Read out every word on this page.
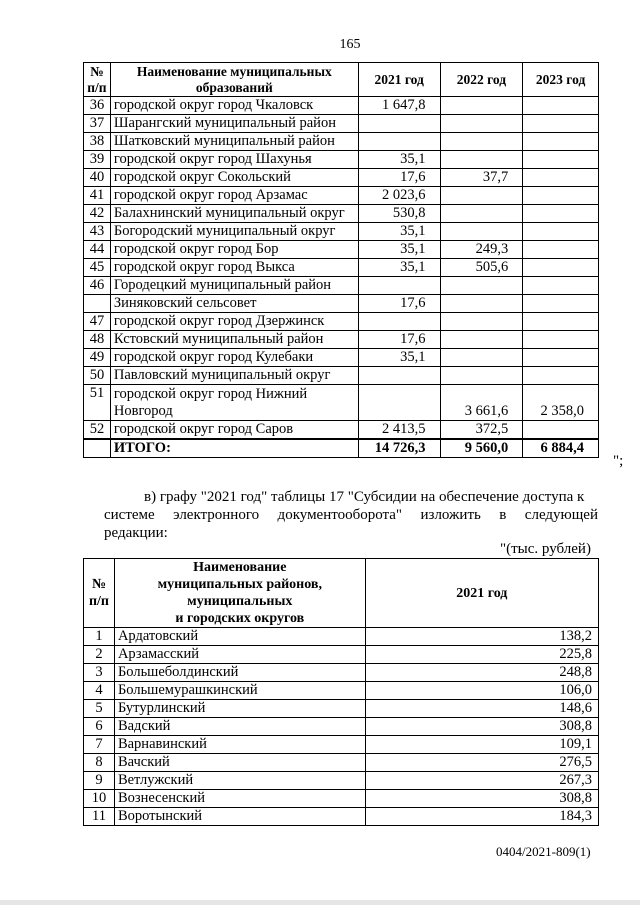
165
№ п/п	Наименование муниципальных образований	2021 год	2022 год	2023 год
36	городской округ город Чкаловск	1 647,8		
37	Шарангский муниципальный район			
38	Шатковский муниципальный район			
39	городской округ город Шахунья	35,1		
40	городской округ Сокольский	17,6	37,7	
41	городской округ город Арзамас	2 023,6		
42	Балахнинский муниципальный округ	530,8		
43	Богородский муниципальный округ	35,1		
44	городской округ город Бор	35,1	249,3	
45	городской округ город Выкса	35,1	505,6	
46	Городецкий муниципальный район			
	Зиняковский сельсовет	17,6		
47	городской округ город Дзержинск			
48	Кстовский муниципальный район	17,6		
49	городской округ город Кулебаки	35,1		
50	Павловский муниципальный округ			
51	городской округ город Нижний
Новгород		3 661,6	2 358,0
52	городской округ город Саров	2 413,5	372,5	
	ИТОГО:	14 726,3	9 560,0	6 884,4
";
в) графу "2021 год" таблицы 17 "Субсидии на обеспечение доступа к
системе электронного документооборота" изложить в следующей
редакции:
"(тыс. рублей)
№ п/п	Наименование
муниципальных районов,
муниципальных
и городских округов	2021 год
1	Ардатовский	138,2
2	Арзамасский	225,8
3	Большеболдинский	248,8
4	Большемурашкинский	106,0
5	Бутурлинский	148,6
6	Вадский	308,8
7	Варнавинский	109,1
8	Вачский	276,5
9	Ветлужский	267,3
10	Вознесенский	308,8
11	Воротынский	184,3
0404/2021-809(1)
